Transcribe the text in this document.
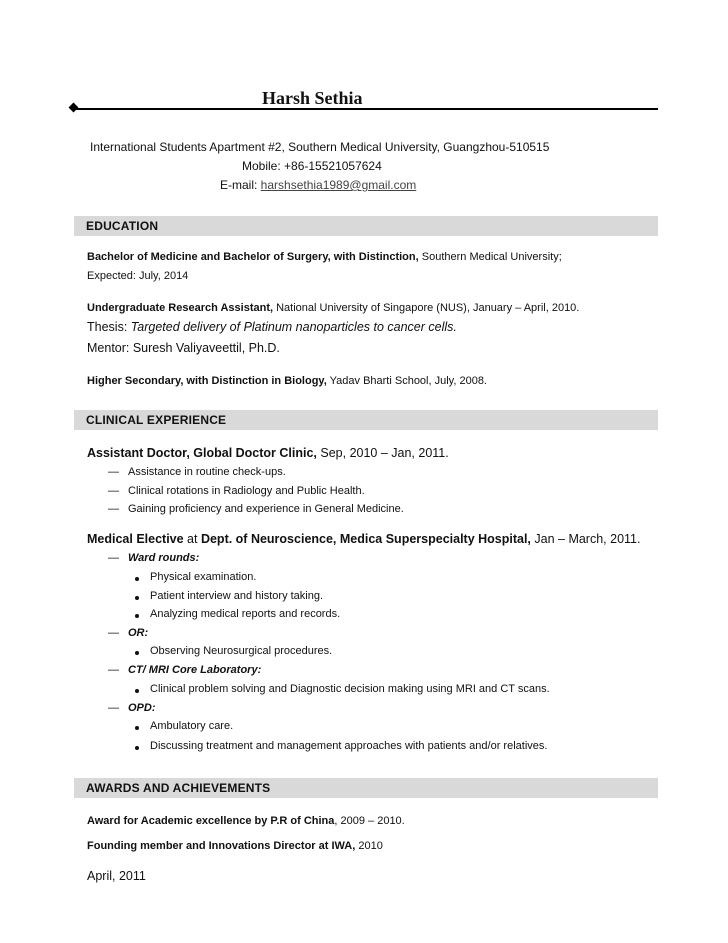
Harsh Sethia
International Students Apartment #2, Southern Medical University, Guangzhou-510515
Mobile: +86-15521057624
E-mail: harshsethia1989@gmail.com
EDUCATION
Bachelor of Medicine and Bachelor of Surgery, with Distinction, Southern Medical University;
Expected: July, 2014
Undergraduate Research Assistant, National University of Singapore (NUS), January – April, 2010.
Thesis: Targeted delivery of Platinum nanoparticles to cancer cells.
Mentor: Suresh Valiyaveettil, Ph.D.
Higher Secondary, with Distinction in Biology, Yadav Bharti School, July, 2008.
CLINICAL EXPERIENCE
Assistant Doctor, Global Doctor Clinic, Sep, 2010 – Jan, 2011.
— Assistance in routine check-ups.
— Clinical rotations in Radiology and Public Health.
— Gaining proficiency and experience in General Medicine.
Medical Elective at Dept. of Neuroscience, Medica Superspecialty Hospital, Jan – March, 2011.
— Ward rounds:
Physical examination.
Patient interview and history taking.
Analyzing medical reports and records.
— OR:
Observing Neurosurgical procedures.
— CT/ MRI Core Laboratory:
Clinical problem solving and Diagnostic decision making using MRI and CT scans.
— OPD:
Ambulatory care.
Discussing treatment and management approaches with patients and/or relatives.
AWARDS AND ACHIEVEMENTS
Award for Academic excellence by P.R of China, 2009 – 2010.
Founding member and Innovations Director at IWA, 2010
April, 2011
